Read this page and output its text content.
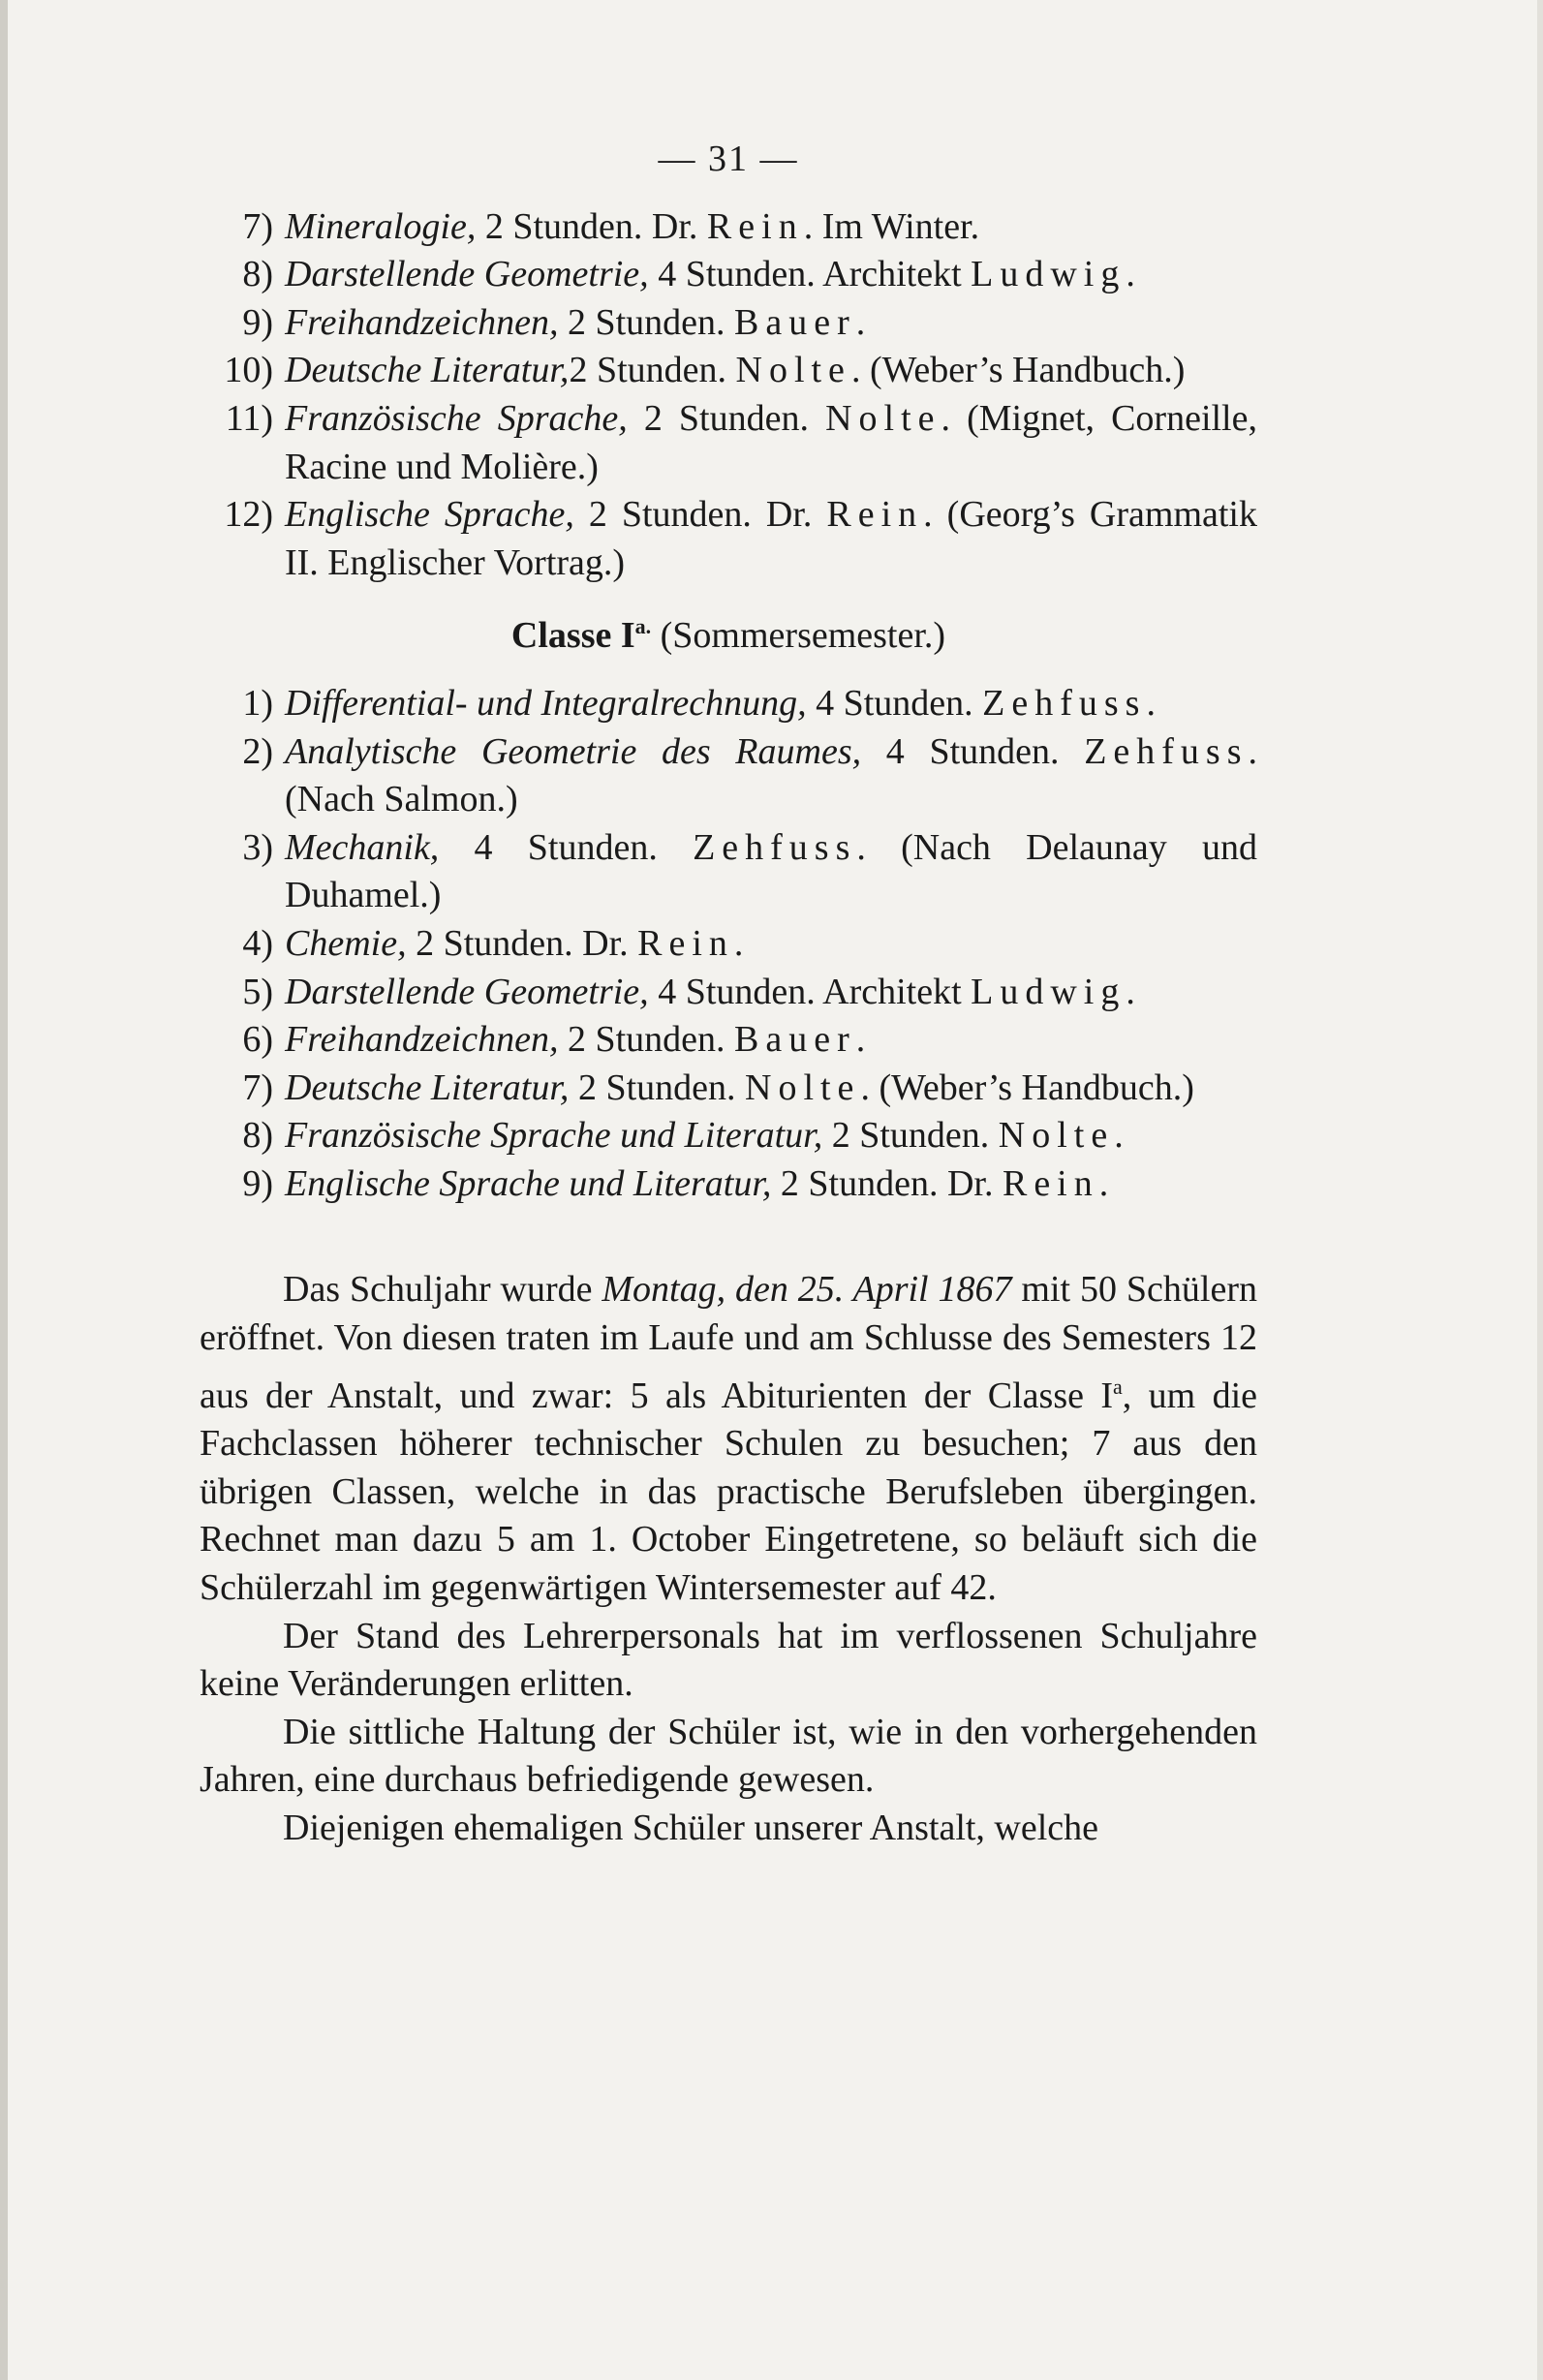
— 31 —
7) Mineralogie, 2 Stunden. Dr. Rein. Im Winter.
8) Darstellende Geometrie, 4 Stunden. Architekt Ludwig.
9) Freihandzeichnen, 2 Stunden. Bauer.
10) Deutsche Literatur,2 Stunden. Nolte. (Weber’s Handbuch.)
11) Französische Sprache, 2 Stunden. Nolte. (Mignet, Corneille, Racine und Molière.)
12) Englische Sprache, 2 Stunden. Dr. Rein. (Georg’s Grammatik II. Englischer Vortrag.)
Classe $I^{a.}$ (Sommersemester.)
1) Differential- und Integralrechnung, 4 Stunden. Zehfuss.
2) Analytische Geometrie des Raumes, 4 Stunden. Zehfuss. (Nach Salmon.)
3) Mechanik, 4 Stunden. Zehfuss. (Nach Delaunay und Duhamel.)
4) Chemie, 2 Stunden. Dr. Rein.
5) Darstellende Geometrie, 4 Stunden. Architekt Ludwig.
6) Freihandzeichnen, 2 Stunden. Bauer.
7) Deutsche Literatur, 2 Stunden. Nolte. (Weber’s Handbuch.)
8) Französische Sprache und Literatur, 2 Stunden. Nolte.
9) Englische Sprache und Literatur, 2 Stunden. Dr. Rein.

Das Schuljahr wurde Montag, den 25. April 1867 mit 50 Schülern eröffnet. Von diesen traten im Laufe und am Schlusse des Semesters 12 aus der Anstalt, und zwar: 5 als Abiturienten der Classe $I^a$, um die Fachclassen höherer technischer Schulen zu besuchen; 7 aus den übrigen Classen, welche in das practische Berufsleben übergingen. Rechnet man dazu 5 am 1. October Eingetretene, so beläuft sich die Schülerzahl im gegenwärtigen Wintersemester auf 42.

Der Stand des Lehrerpersonals hat im verflossenen Schuljahre keine Veränderungen erlitten.

Die sittliche Haltung der Schüler ist, wie in den vorhergehenden Jahren, eine durchaus befriedigende gewesen.

Diejenigen ehemaligen Schüler unserer Anstalt, welche
